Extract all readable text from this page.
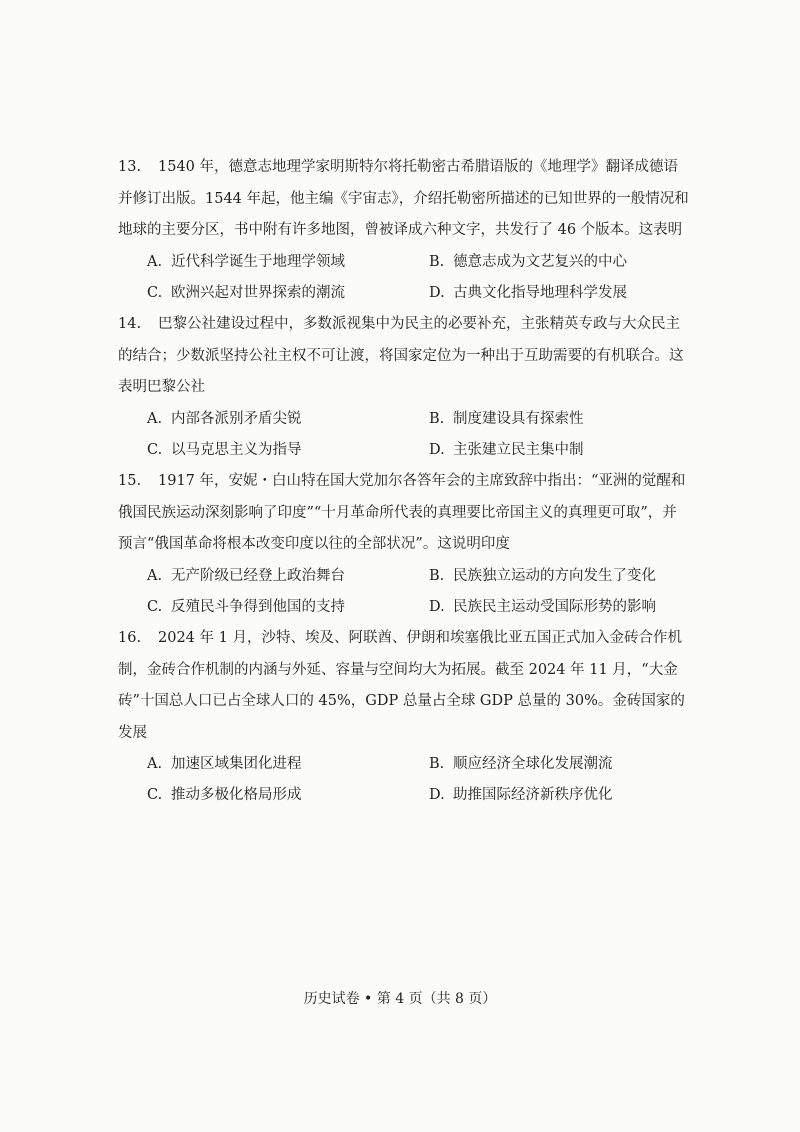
13. 1540 年，德意志地理学家明斯特尔将托勒密古希腊语版的《地理学》翻译成德语并修订出版。1544 年起，他主编《宇宙志》，介绍托勒密所描述的已知世界的一般情况和地球的主要分区，书中附有许多地图，曾被译成六种文字，共发行了 46 个版本。这表明

A. 近代科学诞生于地理学领域	B. 德意志成为文艺复兴的中心
C. 欧洲兴起对世界探索的潮流	D. 古典文化指导地理科学发展

14. 巴黎公社建设过程中，多数派视集中为民主的必要补充，主张精英专政与大众民主的结合；少数派坚持公社主权不可让渡，将国家定位为一种出于互助需要的有机联合。这表明巴黎公社

A. 内部各派别矛盾尖锐	B. 制度建设具有探索性
C. 以马克思主义为指导	D. 主张建立民主集中制

15. 1917 年，安妮・白山特在国大党加尔各答年会的主席致辞中指出：“亚洲的觉醒和俄国民族运动深刻影响了印度”“十月革命所代表的真理要比帝国主义的真理更可取”，并预言“俄国革命将根本改变印度以往的全部状况”。这说明印度

A. 无产阶级已经登上政治舞台	B. 民族独立运动的方向发生了变化
C. 反殖民斗争得到他国的支持	D. 民族民主运动受国际形势的影响

16. 2024 年 1 月，沙特、埃及、阿联酋、伊朗和埃塞俄比亚五国正式加入金砖合作机制，金砖合作机制的内涵与外延、容量与空间均大为拓展。截至 2024 年 11 月，“大金砖”十国总人口已占全球人口的 45%，GDP 总量占全球 GDP 总量的 30%。金砖国家的发展

A. 加速区域集团化进程	B. 顺应经济全球化发展潮流
C. 推动多极化格局形成	D. 助推国际经济新秩序优化
历史试卷 • 第 4 页（共 8 页）
